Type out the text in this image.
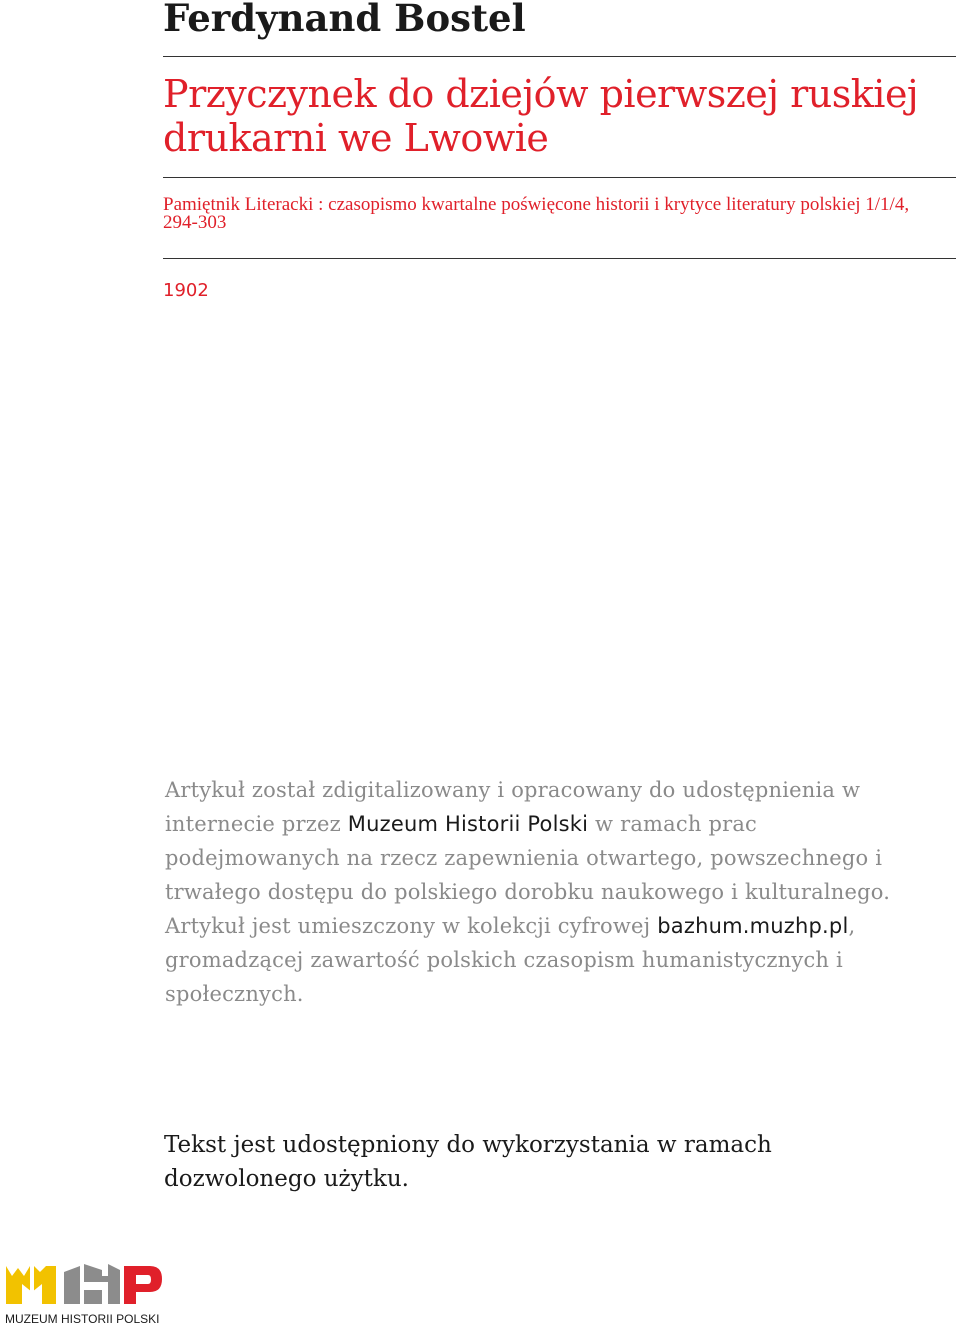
Ferdynand Bostel
Przyczynek do dziejów pierwszej ruskiej drukarni we Lwowie

Pamiętnik Literacki : czasopismo kwartalne poświęcone historii i krytyce literatury polskiej 1/1/4, 294-303

1902

Artykuł został zdigitalizowany i opracowany do udostępnienia w internecie przez Muzeum Historii Polski w ramach prac podejmowanych na rzecz zapewnienia otwartego, powszechnego i trwałego dostępu do polskiego dorobku naukowego i kulturalnego. Artykuł jest umieszczony w kolekcji cyfrowej bazhum.muzhp.pl, gromadzącej zawartość polskich czasopism humanistycznych i społecznych.

Tekst jest udostępniony do wykorzystania w ramach dozwolonego użytku.

MUZEUM HISTORII POLSKI
